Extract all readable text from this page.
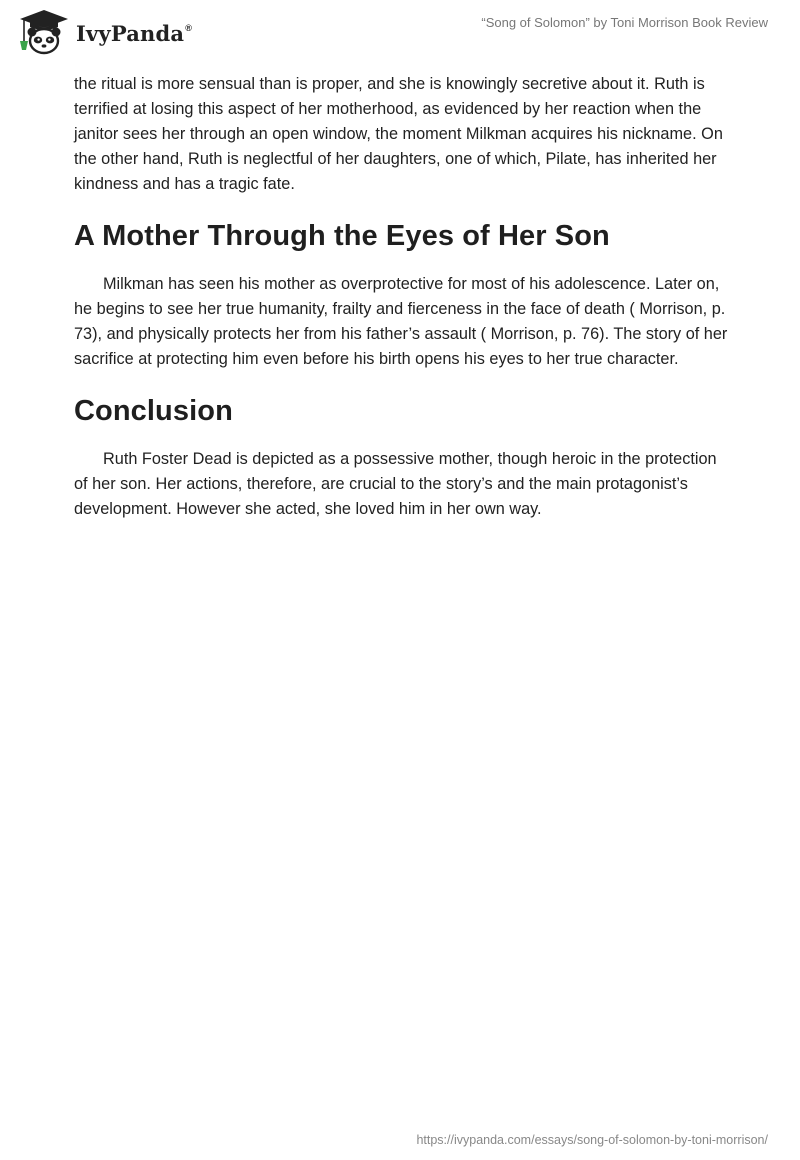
IvyPanda®	“Song of Solomon” by Toni Morrison Book Review

the ritual is more sensual than is proper, and she is knowingly secretive about it. Ruth is terrified at losing this aspect of her motherhood, as evidenced by her reaction when the janitor sees her through an open window, the moment Milkman acquires his nickname. On the other hand, Ruth is neglectful of her daughters, one of which, Pilate, has inherited her kindness and has a tragic fate.

A Mother Through the Eyes of Her Son

Milkman has seen his mother as overprotective for most of his adolescence. Later on, he begins to see her true humanity, frailty and fierceness in the face of death ( Morrison, p. 73), and physically protects her from his father’s assault ( Morrison, p. 76). The story of her sacrifice at protecting him even before his birth opens his eyes to her true character.

Conclusion

Ruth Foster Dead is depicted as a possessive mother, though heroic in the protection of her son. Her actions, therefore, are crucial to the story’s and the main protagonist’s development. However she acted, she loved him in her own way.

https://ivypanda.com/essays/song-of-solomon-by-toni-morrison/
